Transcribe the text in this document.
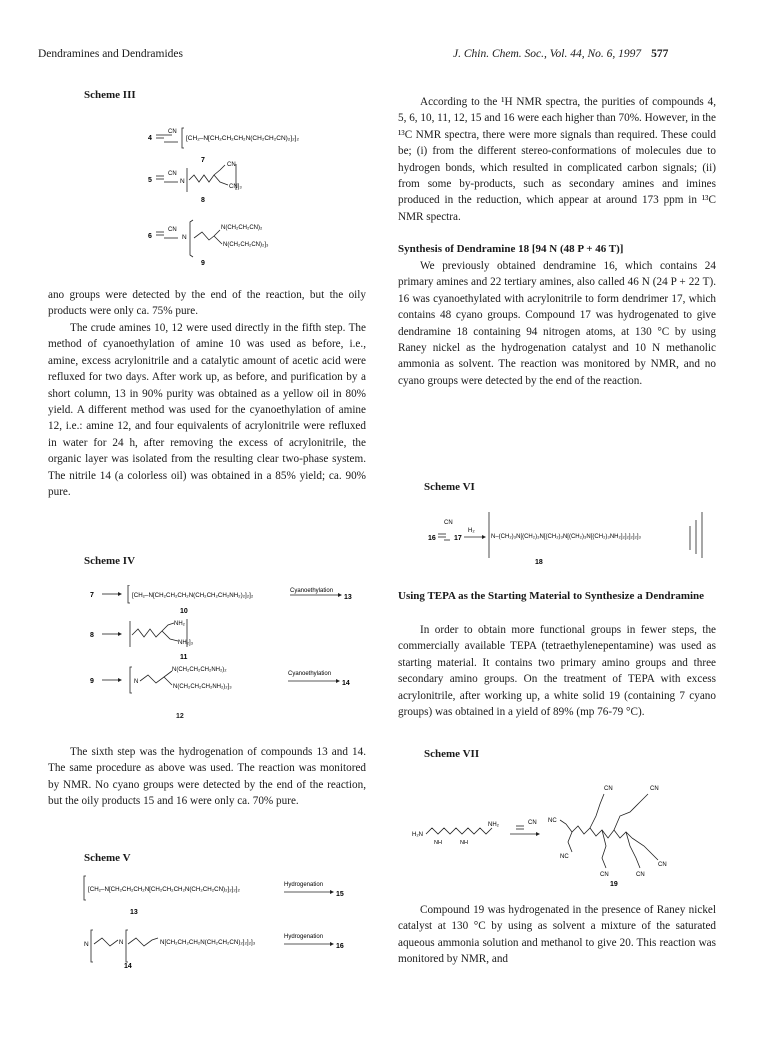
Dendramines and Dendramides	J. Chin. Chem. Soc., Vol. 44, No. 6, 1997 577
Scheme III
4
CN
[CH₂–N[CH₂CH₂CH₂N(CH₂CH₂CN)₂]₂]₂
7
5
CN
N
CN
CN]₃
8
6
CN
N
N(CH₂CH₂CN)₂
N(CH₂CH₂CN)₂]₃
9

ano groups were detected by the end of the reaction, but the oily products were only ca. 75% pure.

The crude amines 10, 12 were used directly in the fifth step. The method of cyanoethylation of amine 10 was used as before, i.e., amine, excess acrylonitrile and a catalytic amount of acetic acid were refluxed for two days. After work up, as before, and purification by a short column, 13 in 90% purity was obtained as a yellow oil in 80% yield. A different method was used for the cyanoethylation of amine 12, i.e.: amine 12, and four equivalents of acrylonitrile were refluxed in water for 24 h, after removing the excess of acrylonitrile, the organic layer was isolated from the resulting clear two-phase system. The nitrile 14 (a colorless oil) was obtained in a 85% yield; ca. 90% pure.

Scheme IV
7	[CH₂–N[CH₂CH₂CH₂N(CH₂CH₂CH₂NH₂)₂]₂]₂
Cyanoethylation
13
10
8
NH₂
NH₂]₃
11
9	N
N(CH₂CH₂CH₂NH₂)₂
N(CH₂CH₂CH₂NH₂)₂]₃
Cyanoethylation
14
12

The sixth step was the hydrogenation of compounds 13 and 14. The same procedure as above was used. The reaction was monitored by NMR. No cyano groups were detected by the end of the reaction, but the oily products 15 and 16 were only ca. 70% pure.

Scheme V
[CH₂–N[CH₂CH₂CH₂N[CH₂CH₂CH₂N(CH₂CH₂CN)₂]₂]₂]₂
Hydrogenation
15
13
N	N	N[CH₂CH₂CH₂N(CH₂CH₂CN)₂]₂]₂]₃
Hydrogenation
16
14

According to the ¹H NMR spectra, the purities of compounds 4, 5, 6, 10, 11, 12, 15 and 16 were each higher than 70%. However, in the ¹³C NMR spectra, there were more signals than required. These could be; (i) from the different stereo-conformations of molecules due to hydrogen bonds, which resulted in complicated carbon signals; (ii) from some by-products, such as secondary amines and imines produced in the reduction, which appear at around 173 ppm in ¹³C NMR spectra.

Synthesis of Dendramine 18 [94 N (48 P + 46 T)]

We previously obtained dendramine 16, which contains 24 primary amines and 22 tertiary amines, also called 46 N (24 P + 22 T). 16 was cyanoethylated with acrylonitrile to form dendrimer 17, which contains 48 cyano groups. Compound 17 was hydrogenated to give dendramine 18 containing 94 nitrogen atoms, at 130 °C by using Raney nickel as the hydrogenation catalyst and 10 N methanolic ammonia as solvent. The reaction was monitored by NMR, and no cyano groups were detected by the end of the reaction.

Scheme VI
16
CN
17
H₂
N–(CH₂)₃N[(CH₂)₃N[(CH₂)₃N[(CH₂)₃N[(CH₂)₃NH₂]₂]₂]₂]₂]₃
18
Using TEPA as the Starting Material to Synthesize a Dendramine

In order to obtain more functional groups in fewer steps, the commercially available TEPA (tetraethylenepentamine) was used as starting material. It contains two primary amino groups and three secondary amino groups. On the treatment of TEPA with excess acrylonitrile, after working up, a white solid 19 (containing 7 cyano groups) was obtained in a yield of 89% (mp 76-79 °C).

Scheme VII
H₂N
NH	NH
NH₂	CN NC
NC
CN
CN
CN
CN
CN
19

Compound 19 was hydrogenated in the presence of Raney nickel catalyst at 130 °C by using as solvent a mixture of the saturated aqueous ammonia solution and methanol to give 20. This reaction was monitored by NMR, and
